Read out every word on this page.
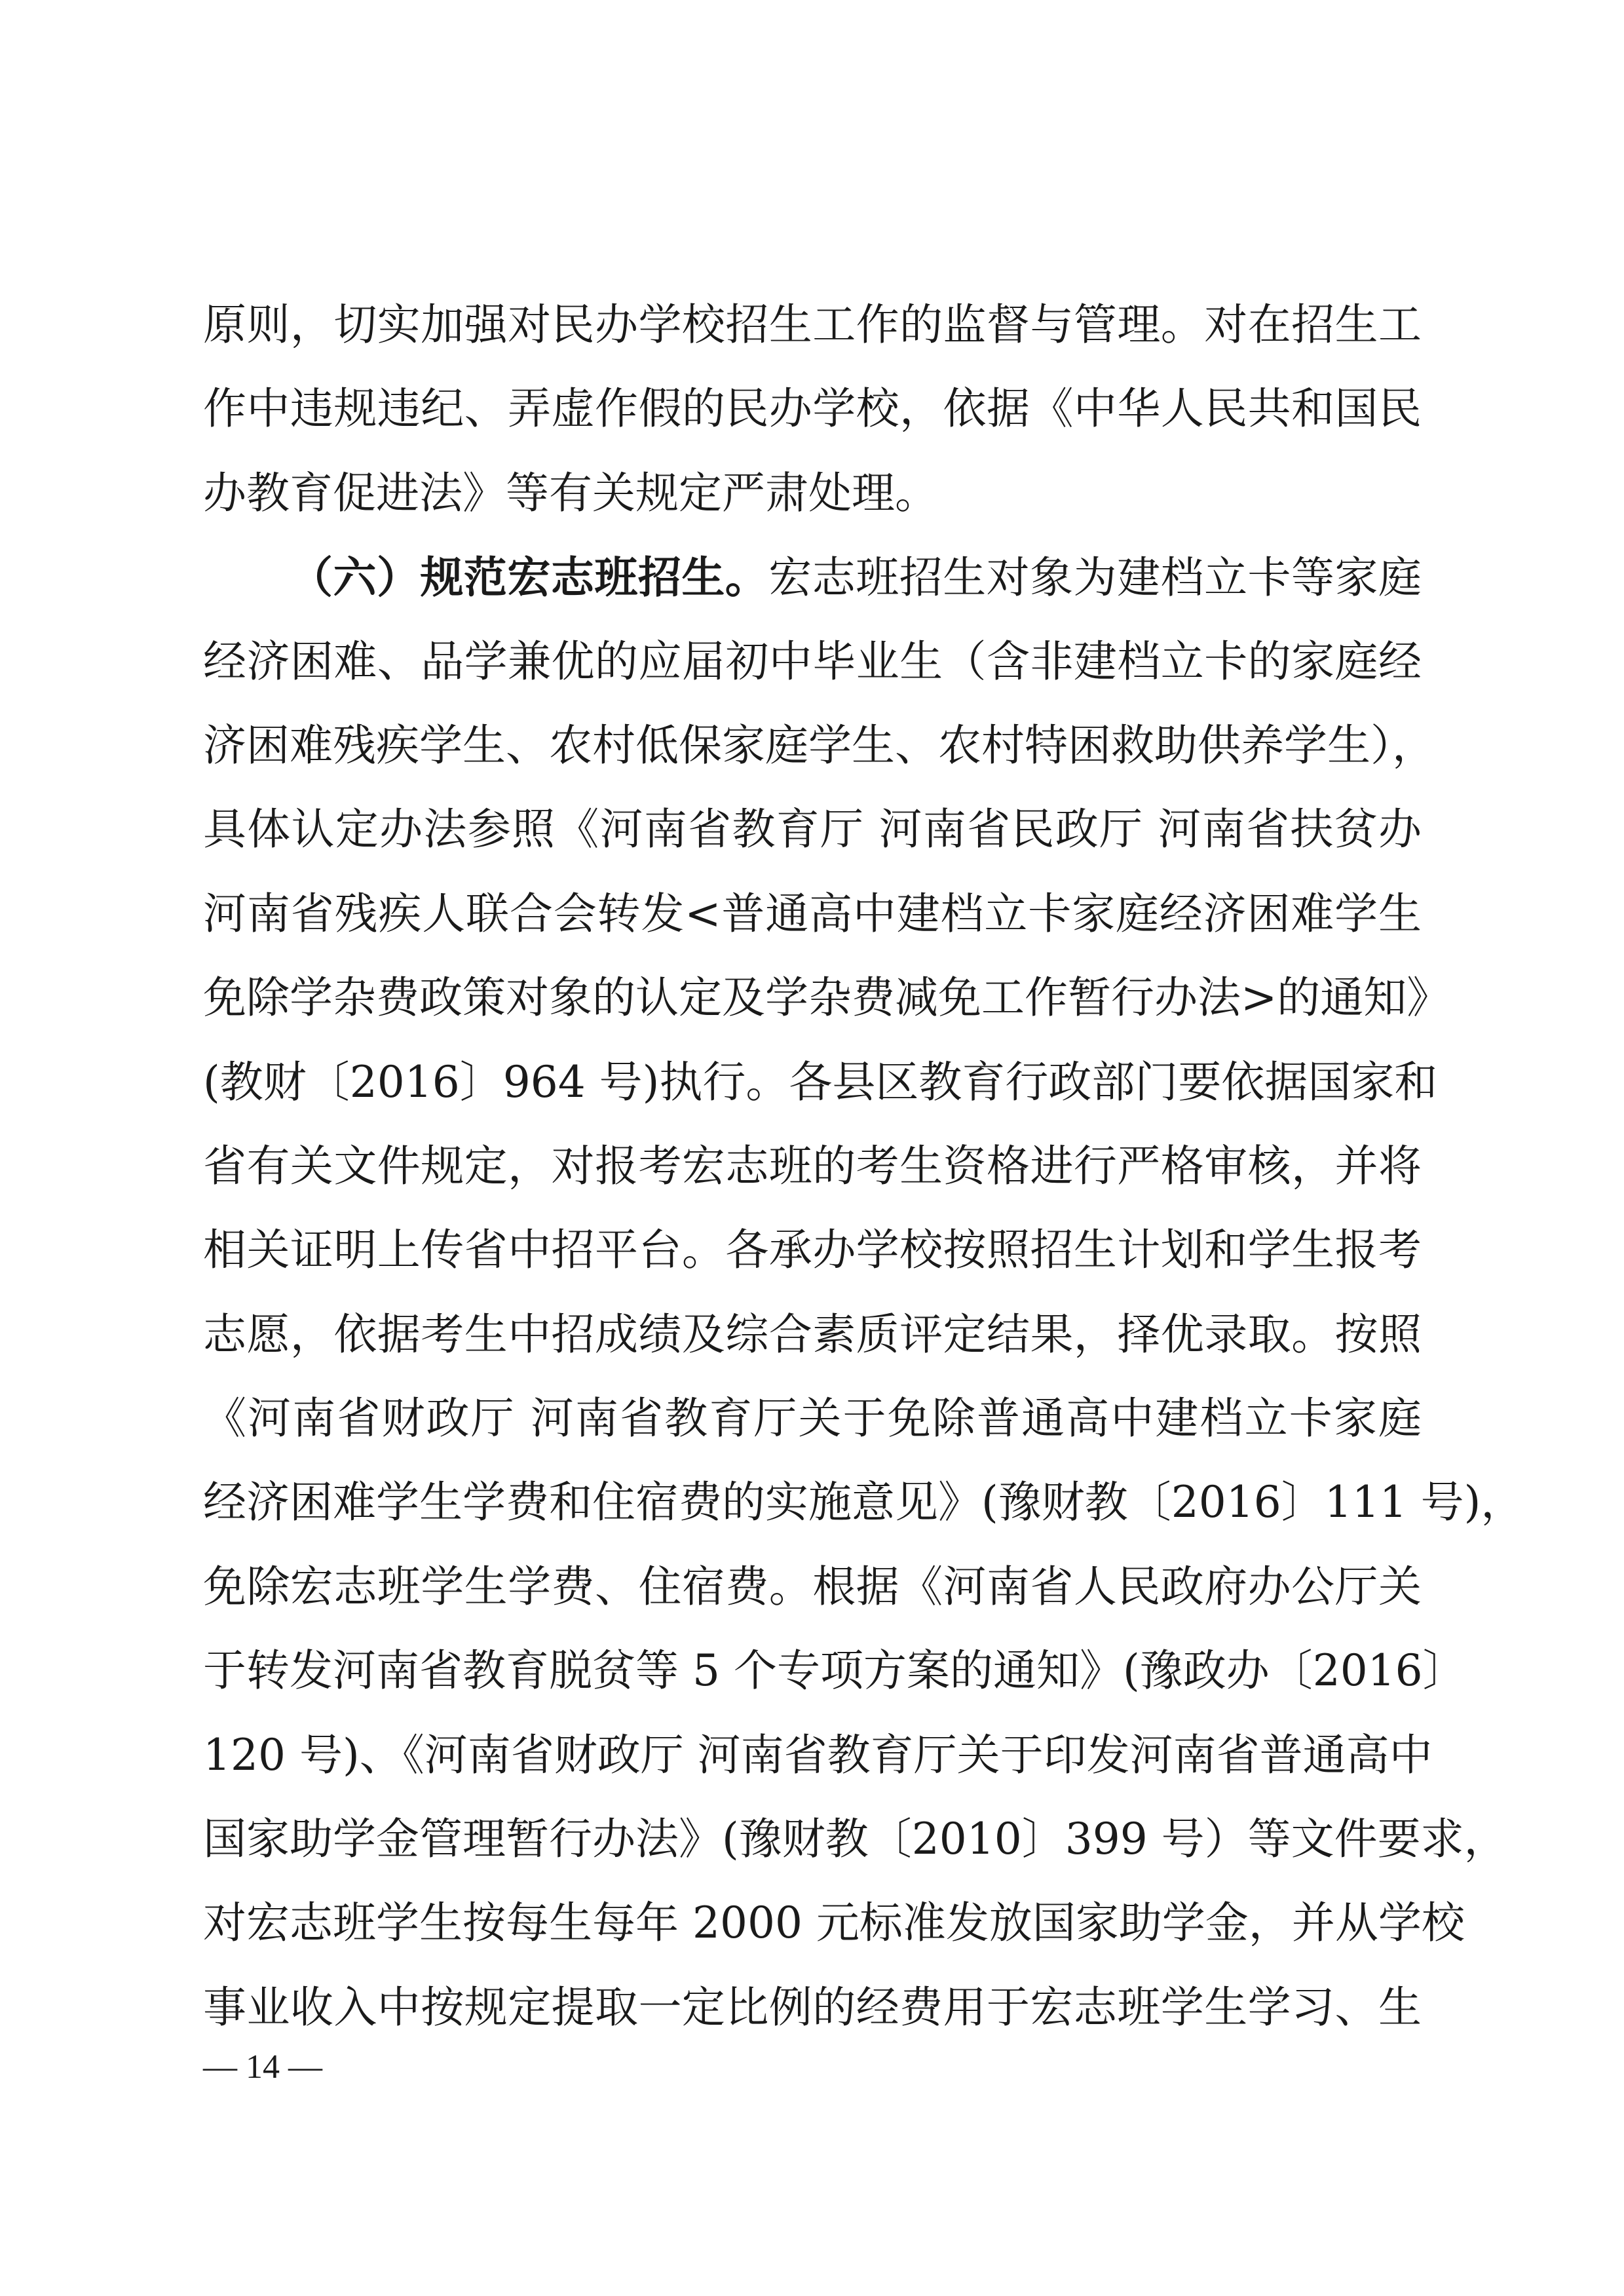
原则，切实加强对民办学校招生工作的监督与管理。对在招生工
作中违规违纪、弄虚作假的民办学校，依据《中华人民共和国民
办教育促进法》等有关规定严肃处理。
（六）规范宏志班招生。宏志班招生对象为建档立卡等家庭
经济困难、品学兼优的应届初中毕业生（含非建档立卡的家庭经
济困难残疾学生、农村低保家庭学生、农村特困救助供养学生），
具体认定办法参照《河南省教育厅 河南省民政厅 河南省扶贫办
河南省残疾人联合会转发<普通高中建档立卡家庭经济困难学生
免除学杂费政策对象的认定及学杂费减免工作暂行办法>的通知》
(教财〔2016〕964 号)执行。各县区教育行政部门要依据国家和
省有关文件规定，对报考宏志班的考生资格进行严格审核，并将
相关证明上传省中招平台。各承办学校按照招生计划和学生报考
志愿，依据考生中招成绩及综合素质评定结果，择优录取。按照
《河南省财政厅 河南省教育厅关于免除普通高中建档立卡家庭
经济困难学生学费和住宿费的实施意见》(豫财教〔2016〕111 号)，
免除宏志班学生学费、住宿费。根据《河南省人民政府办公厅关
于转发河南省教育脱贫等 5 个专项方案的通知》(豫政办〔2016〕
120 号)、《河南省财政厅 河南省教育厅关于印发河南省普通高中
国家助学金管理暂行办法》(豫财教〔2010〕399 号）等文件要求，
对宏志班学生按每生每年 2000 元标准发放国家助学金，并从学校
事业收入中按规定提取一定比例的经费用于宏志班学生学习、生
— 14 —
